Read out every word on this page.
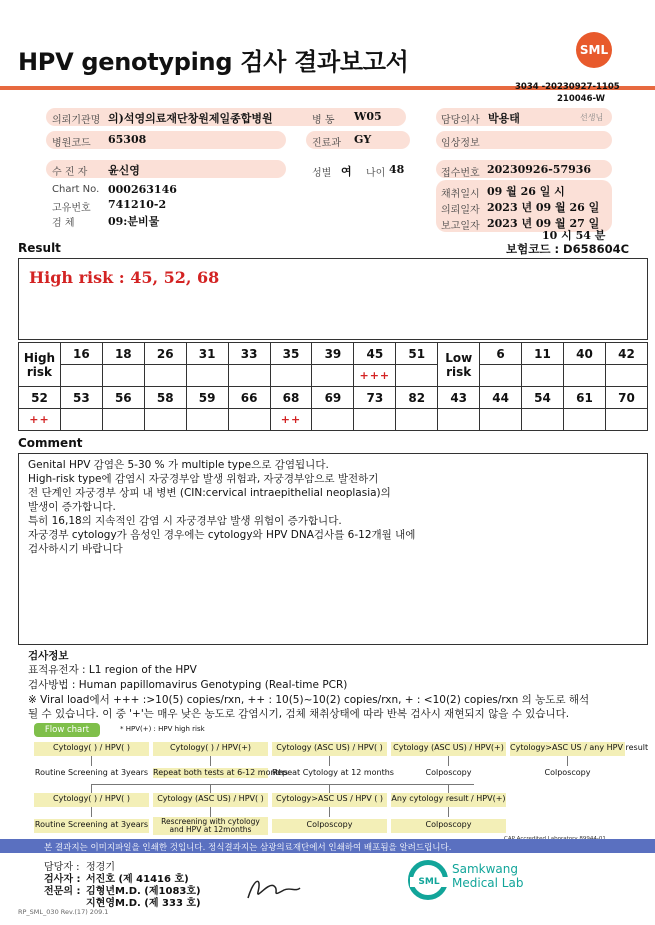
HPV genotyping 검사 결과보고서	SML
3034 -20230927-1105
210046-W
의뢰기관명 의)석영의료재단창원제일종합병원	병 동 W05	담당의사 박용태	선생님
병원코드 65308	진료과 GY	임상정보
수 진 자 윤신영	성별 여 나이 48	접수번호 20230926-57936
Chart No. 000263146	채취일시 09 월 26 일 시
고유번호 741210-2	의뢰일자 2023 년 09 월 26 일
검 체	09:분비물	보고일자 2023 년 09 월 27 일
10 시 54 분
Result	보험코드 : D658604C
High risk : 45, 52, 68
High risk	16	18	26	31	33	35	39	45	51	Low risk	6	11	40	42
								+++						
52	53	56	58	59	66	68	69	73	82	43	44	54	61	70
++						++								
Comment
Genital HPV 감염은 5-30 % 가 multiple type으로 감염됩니다.
High-risk type에 감염시 자궁경부암 발생 위험과, 자궁경부암으로 발전하기
전 단계인 자궁경부 상피 내 병변 (CIN:cervical intraepithelial neoplasia)의
발생이 증가합니다.
특히 16,18의 지속적인 감염 시 자궁경부암 발생 위험이 증가합니다.
자궁경부 cytology가 음성인 경우에는 cytology와 HPV DNA검사를 6-12개월 내에
검사하시기 바랍니다
검사정보
표적유전자 : L1 region of the HPV
검사방법 : Human papillomavirus Genotyping (Real-time PCR)
※ Viral load에서 +++ :>10(5) copies/rxn, ++ : 10(5)~10(2) copies/rxn, + : <10(2) copies/rxn 의 농도로 해석
될 수 있습니다. 이 중 '+'는 매우 낮은 농도로 감염시기, 검체 채취상태에 따라 반복 검사시 재현되지 않을 수 있습니다.
Flow chart	* HPV(+) : HPV high risk
Cytology( ) / HPV( )	Cytology( ) / HPV(+)	Cytology (ASC US) / HPV( )	Cytology (ASC US) / HPV(+) Cytology>ASC US / any HPV result
Routine Screening at 3years Repeat both tests at 6-12 months
Repeat Cytology at 12 months	Colposcopy	Colposcopy
Cytology( ) / HPV( )	Cytology (ASC US) / HPV( )	Cytology>ASC US / HPV ( )	Any cytology result / HPV(+)
Routine Screening at 3years	Rescreening with cytology and HPV at 12months
Colposcopy	Colposcopy
본 결과지는 이미지파일을 인쇄한 것입니다. 정식결과지는 삼광의료재단에서 인쇄하여 배포됨을 알려드립니다.
담당자 : 정경기
검사자 : 서진호 (제 41416 호)
전문의 : 김형년M.D. (제1083호)
지현영M.D. (제 333 호)
SML
Samkwang
Medical Lab
RP_SML_030 Rev.(17) 209.1
